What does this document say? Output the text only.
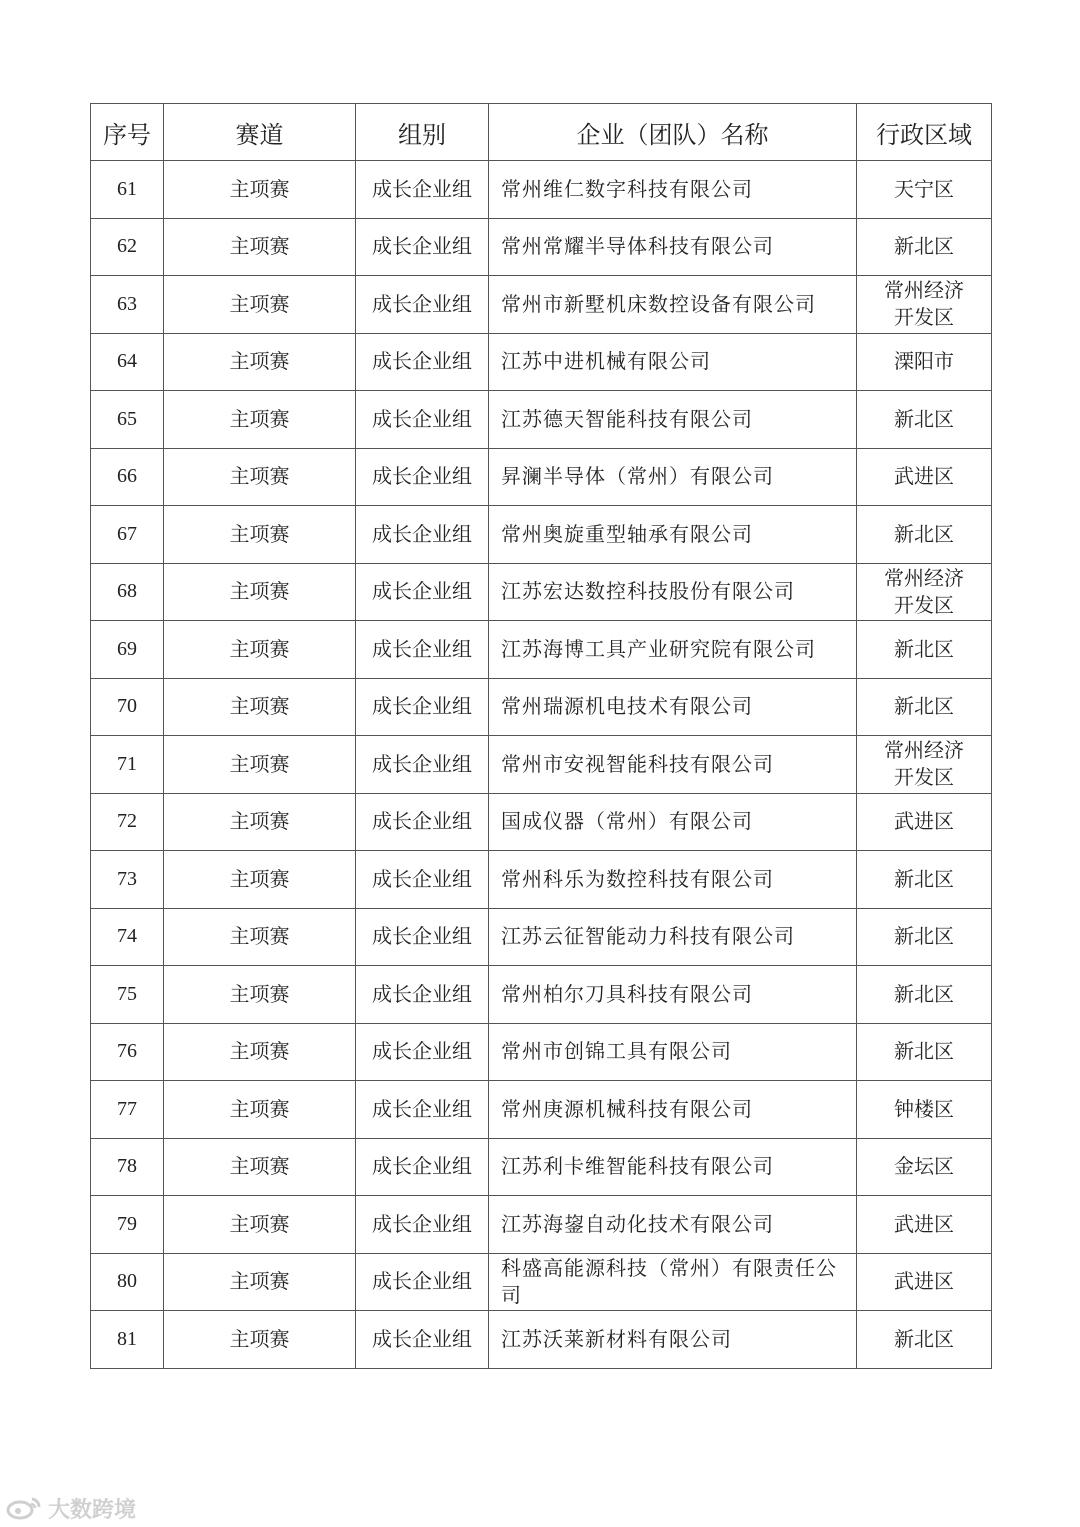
序号	赛道	组别	企业（团队）名称	行政区域
61	主项赛	成长企业组	常州维仁数字科技有限公司	天宁区
62	主项赛	成长企业组	常州常耀半导体科技有限公司	新北区
63	主项赛	成长企业组	常州市新墅机床数控设备有限公司	常州经济开发区
64	主项赛	成长企业组	江苏中进机械有限公司	溧阳市
65	主项赛	成长企业组	江苏德天智能科技有限公司	新北区
66	主项赛	成长企业组	昇澜半导体（常州）有限公司	武进区
67	主项赛	成长企业组	常州奥旋重型轴承有限公司	新北区
68	主项赛	成长企业组	江苏宏达数控科技股份有限公司	常州经济开发区
69	主项赛	成长企业组	江苏海博工具产业研究院有限公司	新北区
70	主项赛	成长企业组	常州瑞源机电技术有限公司	新北区
71	主项赛	成长企业组	常州市安视智能科技有限公司	常州经济开发区
72	主项赛	成长企业组	国成仪器（常州）有限公司	武进区
73	主项赛	成长企业组	常州科乐为数控科技有限公司	新北区
74	主项赛	成长企业组	江苏云征智能动力科技有限公司	新北区
75	主项赛	成长企业组	常州柏尔刀具科技有限公司	新北区
76	主项赛	成长企业组	常州市创锦工具有限公司	新北区
77	主项赛	成长企业组	常州庚源机械科技有限公司	钟楼区
78	主项赛	成长企业组	江苏利卡维智能科技有限公司	金坛区
79	主项赛	成长企业组	江苏海鋆自动化技术有限公司	武进区
80	主项赛	成长企业组	科盛高能源科技（常州）有限责任公司	武进区
81	主项赛	成长企业组	江苏沃莱新材料有限公司	新北区
大数跨境
